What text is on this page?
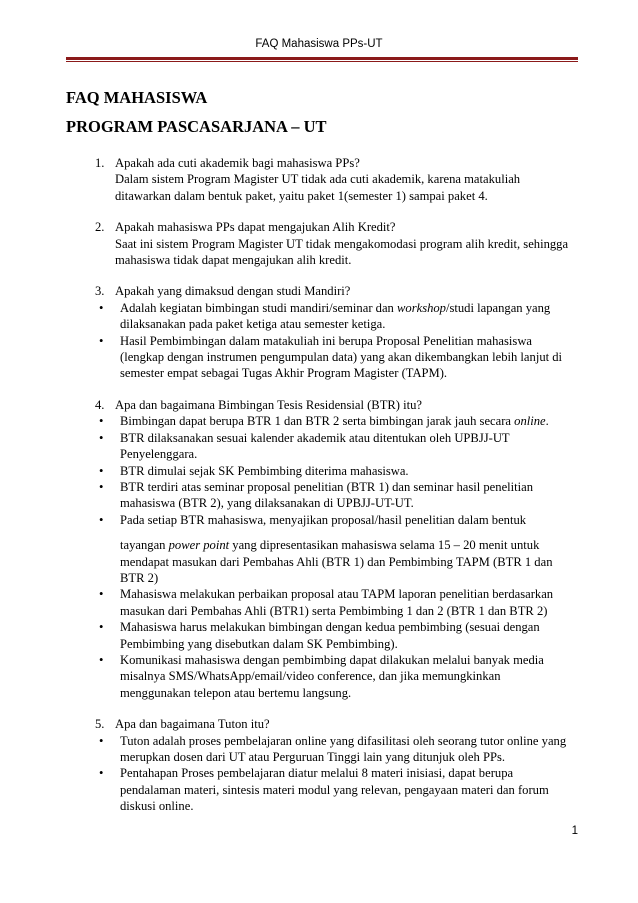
FAQ Mahasiswa PPs-UT
FAQ MAHASISWA
PROGRAM PASCASARJANA – UT
1. Apakah ada cuti akademik bagi mahasiswa PPs?
Dalam sistem Program Magister UT tidak ada cuti akademik, karena matakuliah ditawarkan dalam bentuk paket, yaitu paket 1(semester 1) sampai paket 4.
2. Apakah mahasiswa PPs dapat mengajukan Alih Kredit?
Saat ini sistem Program Magister UT tidak mengakomodasi program alih kredit, sehingga mahasiswa tidak dapat mengajukan alih kredit.
3. Apakah yang dimaksud dengan studi Mandiri?
• Adalah kegiatan bimbingan studi mandiri/seminar dan workshop/studi lapangan yang dilaksanakan pada paket ketiga atau semester ketiga.
• Hasil Pembimbingan dalam matakuliah ini berupa Proposal Penelitian mahasiswa (lengkap dengan instrumen pengumpulan data) yang akan dikembangkan lebih lanjut di semester empat sebagai Tugas Akhir Program Magister (TAPM).
4. Apa dan bagaimana Bimbingan Tesis Residensial (BTR) itu?
• Bimbingan dapat berupa BTR 1 dan BTR 2 serta bimbingan jarak jauh secara online.
• BTR dilaksanakan sesuai kalender akademik atau ditentukan oleh UPBJJ-UT Penyelenggara.
• BTR dimulai sejak SK Pembimbing diterima mahasiswa.
• BTR terdiri atas seminar proposal penelitian (BTR 1) dan seminar hasil penelitian mahasiswa (BTR 2), yang dilaksanakan di UPBJJ-UT-UT.
• Pada setiap BTR mahasiswa, menyajikan proposal/hasil penelitian dalam bentuk
tayangan power point yang dipresentasikan mahasiswa selama 15 – 20 menit untuk mendapat masukan dari Pembahas Ahli (BTR 1) dan Pembimbing TAPM (BTR 1 dan BTR 2)
• Mahasiswa melakukan perbaikan proposal atau TAPM laporan penelitian berdasarkan masukan dari Pembahas Ahli (BTR1) serta Pembimbing 1 dan 2 (BTR 1 dan BTR 2)
• Mahasiswa harus melakukan bimbingan dengan kedua pembimbing (sesuai dengan Pembimbing yang disebutkan dalam SK Pembimbing).
• Komunikasi mahasiswa dengan pembimbing dapat dilakukan melalui banyak media misalnya SMS/WhatsApp/email/video conference, dan jika memungkinkan menggunakan telepon atau bertemu langsung.
5. Apa dan bagaimana Tuton itu?
• Tuton adalah proses pembelajaran online yang difasilitasi oleh seorang tutor online yang merupkan dosen dari UT atau Perguruan Tinggi lain yang ditunjuk oleh PPs.
• Pentahapan Proses pembelajaran diatur melalui 8 materi inisiasi, dapat berupa pendalaman materi, sintesis materi modul yang relevan, pengayaan materi dan forum diskusi online.
1
